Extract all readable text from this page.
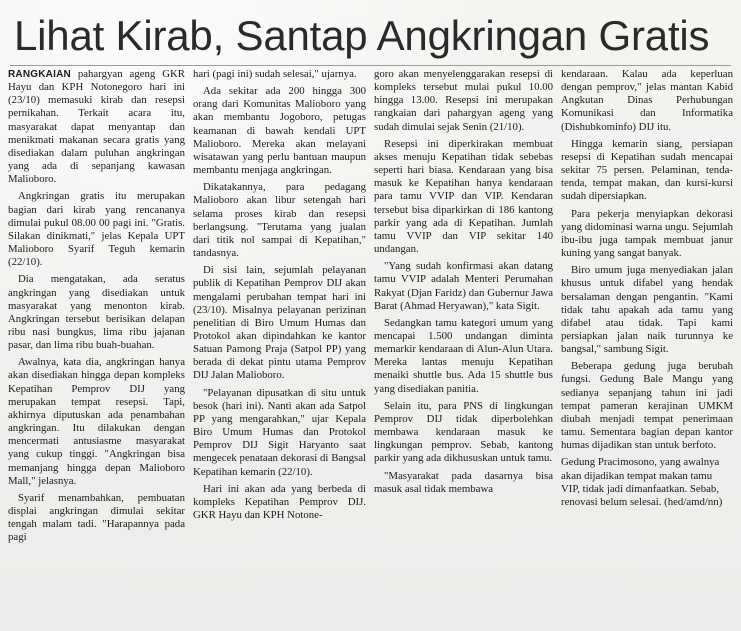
Lihat Kirab, Santap Angkringan Gratis

RANGKAIAN pahargyan ageng GKR Hayu dan KPH Notonegoro hari ini (23/10) memasuki kirab dan resepsi pernikahan. Terkait acara itu, masyarakat dapat menyantap dan menikmati makanan secara gratis yang disediakan dalam puluhan angkringan yang ada di sepanjang kawasan Malioboro.

Angkringan gratis itu merupakan bagian dari kirab yang rencananya dimulai pukul 08.00 00 pagi ini. "Gratis. Silakan dinikmati," jelas Kepala UPT Malioboro Syarif Teguh kemarin (22/10).

Dia mengatakan, ada seratus angkringan yang disediakan untuk masyarakat yang menonton kirab. Angkringan tersebut berisikan delapan ribu nasi bungkus, lima ribu jajanan pasar, dan lima ribu buah-buahan.

Awalnya, kata dia, angkringan hanya akan disediakan hingga depan kompleks Kepatihan Pemprov DIJ yang merupakan tempat resepsi. Tapi, akhirnya diputuskan ada penambahan angkringan. Itu dilakukan dengan mencermati antusiasme masyarakat yang cukup tinggi. "Angkringan bisa memanjang hingga depan Malioboro Mall," jelasnya.

Syarif menambahkan, pembuatan displai angkringan dimulai sekitar tengah malam tadi. "Harapannya pada pagi

hari (pagi ini) sudah selesai," ujarnya.

Ada sekitar ada 200 hingga 300 orang dari Komunitas Malioboro yang akan membantu Jogoboro, petugas keamanan di bawah kendali UPT Malioboro. Mereka akan melayani wisatawan yang perlu bantuan maupun membantu menjaga angkringan.

Dikatakannya, para pedagang Malioboro akan libur setengah hari selama proses kirab dan resepsi berlangsung. "Terutama yang jualan dari titik nol sampai di Kepatihan," tandasnya.

Di sisi lain, sejumlah pelayanan publik di Kepatihan Pemprov DIJ akan mengalami perubahan tempat hari ini (23/10). Misalnya pelayanan perizinan penelitian di Biro Umum Humas dan Protokol akan dipindahkan ke kantor Satuan Pamong Praja (Satpol PP) yang berada di dekat pintu utama Pemprov DIJ Jalan Malioboro.

"Pelayanan dipusatkan di situ untuk besok (hari ini). Nanti akan ada Satpol PP yang mengarahkan," ujar Kepala Biro Umum Humas dan Protokol Pemprov DIJ Sigit Haryanto saat mengecek penataan dekorasi di Bangsal Kepatihan kemarin (22/10).

Hari ini akan ada yang berbeda di kompleks Kepatihan Pemprov DIJ. GKR Hayu dan KPH Notone-

goro akan menyelenggarakan resepsi di kompleks tersebut mulai pukul 10.00 hingga 13.00. Resepsi ini merupakan rangkaian dari pahargyan ageng yang sudah dimulai sejak Senin (21/10).

Resepsi ini diperkirakan membuat akses menuju Kepatihan tidak sebebas seperti hari biasa. Kendaraan yang bisa masuk ke Kepatihan hanya kendaraan para tamu VVIP dan VIP. Kendaran tersebut bisa diparkirkan di 186 kantong parkir yang ada di Kepatihan. Jumlah tamu VVIP dan VIP sekitar 140 undangan.

"Yang sudah konfirmasi akan datang tamu VVIP adalah Menteri Perumahan Rakyat (Djan Faridz) dan Gubernur Jawa Barat (Ahmad Heryawan)," kata Sigit.

Sedangkan tamu kategori umum yang mencapai 1.500 undangan diminta memarkir kendaraan di Alun-Alun Utara. Mereka lantas menuju Kepatihan menaiki shuttle bus. Ada 15 shuttle bus yang disediakan panitia.

Selain itu, para PNS di lingkungan Pemprov DIJ tidak diperbolehkan membawa kendaraan masuk ke lingkungan pemprov. Sebab, kantong parkir yang ada dikhususkan untuk tamu.

"Masyarakat pada dasarnya bisa masuk asal tidak membawa

kendaraan. Kalau ada keperluan dengan pemprov," jelas mantan Kabid Angkutan Dinas Perhubungan Komunikasi dan Informatika (Dishubkominfo) DIJ itu.

Hingga kemarin siang, persiapan resepsi di Kepatihan sudah mencapai sekitar 75 persen. Pelaminan, tenda-tenda, tempat makan, dan kursi-kursi sudah dipersiapkan.

Para pekerja menyiapkan dekorasi yang didominasi warna ungu. Sejumlah ibu-ibu juga tampak membuat janur kuning yang sangat banyak.

Biro umum juga menyediakan jalan khusus untuk difabel yang hendak bersalaman dengan pengantin. "Kami tidak tahu apakah ada tamu yang difabel atau tidak. Tapi kami persiapkan jalan naik turunnya ke bangsal," sambung Sigit.

Beberapa gedung juga berubah fungsi. Gedung Bale Mangu yang sedianya sepanjang tahun ini jadi tempat pameran kerajinan UMKM diubah menjadi tempat penerimaan tamu. Sementara bagian depan kantor humas dijadikan stan untuk berfoto.

Gedung Pracimosono, yang awalnya akan dijadikan tempat makan tamu VIP, tidak jadi dimanfaatkan. Sebab, renovasi belum selesai. (hed/amd/nn)
